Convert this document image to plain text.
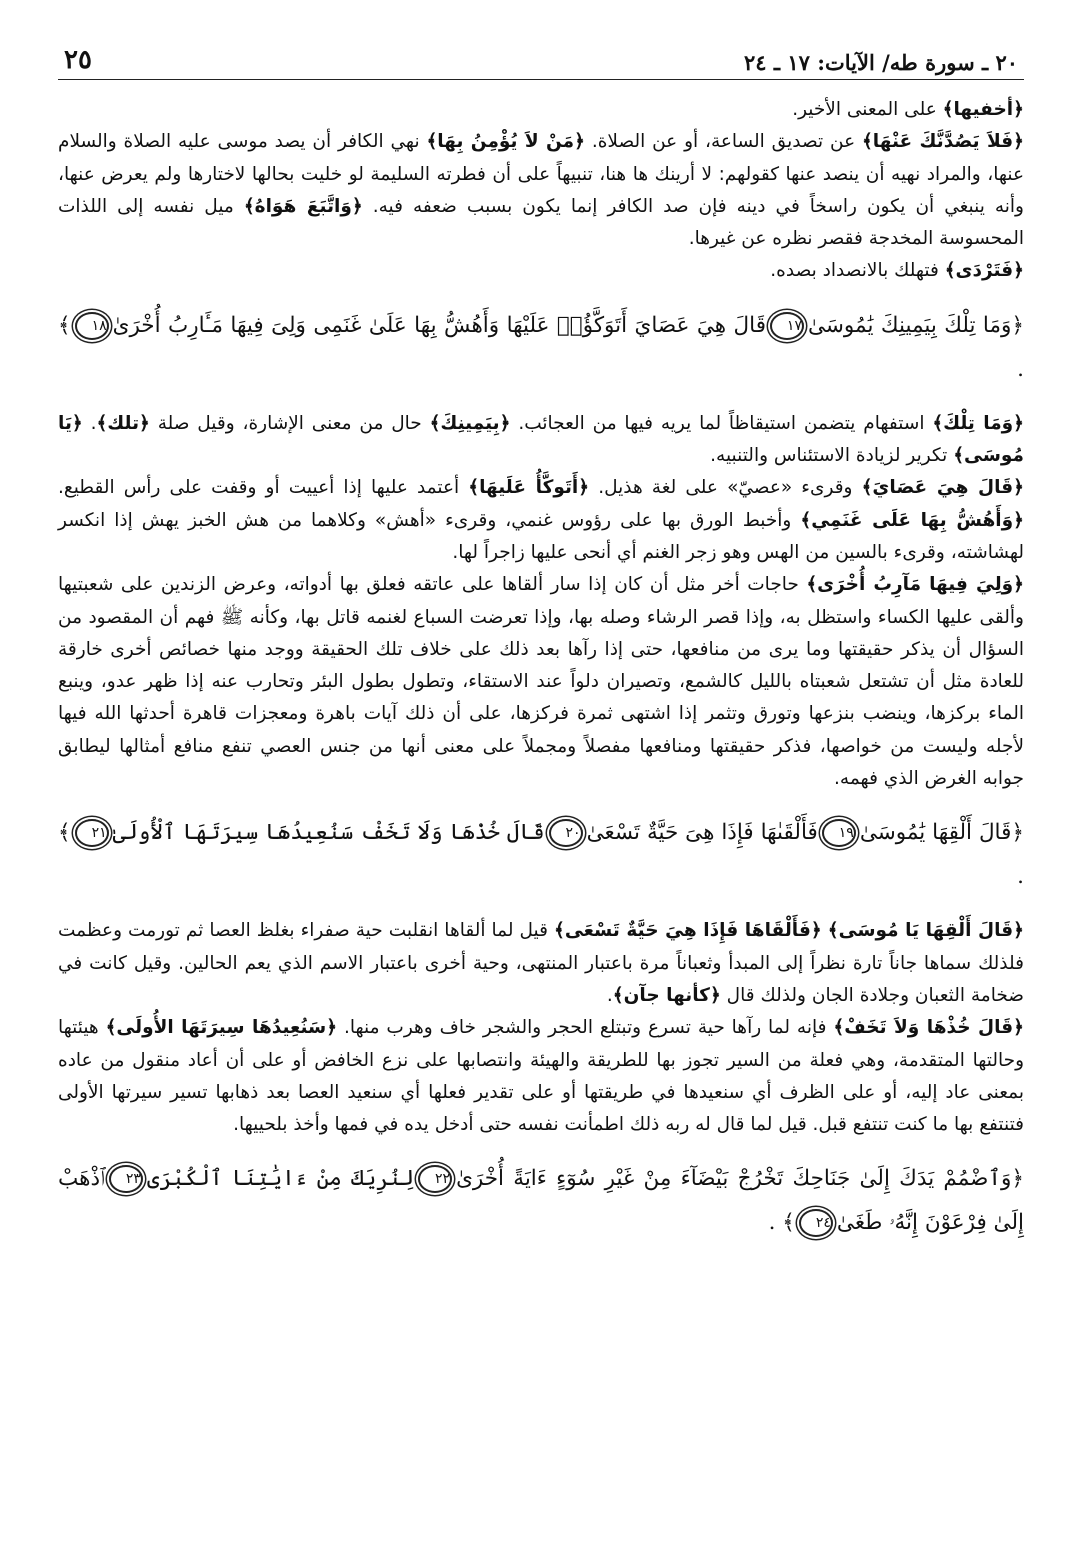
٢٠ ـ سورة طه/ الآيات: ١٧ ـ ٢٤
٢٥

﴿أخفيها﴾ على المعنى الأخير.

﴿فَلاَ يَصُدَّنَّكَ عَنْهَا﴾ عن تصديق الساعة، أو عن الصلاة. ﴿مَنْ لاَ يُؤْمِنُ بِهَا﴾ نهي الكافر أن يصد موسى عليه الصلاة والسلام عنها، والمراد نهيه أن ينصد عنها كقولهم: لا أرينك ها هنا، تنبيهاً على أن فطرته السليمة لو خليت بحالها لاختارها ولم يعرض عنها، وأنه ينبغي أن يكون راسخاً في دينه فإن صد الكافر إنما يكون بسبب ضعفه فيه. ﴿وَاتَّبَعَ هَوَاهُ﴾ ميل نفسه إلى اللذات المحسوسة المخدجة فقصر نظره عن غيرها.

﴿فَتَرْدَى﴾ فتهلك بالانصداد بصده.

﴿وَمَا تِلْكَ بِيَمِينِكَ يَٰمُوسَىٰ١٧قَالَ هِيَ عَصَايَ أَتَوَكَّؤُا۟ عَلَيْهَا وَأَهُشُّ بِهَا عَلَىٰ غَنَمِى وَلِىَ فِيهَا مَـَٔارِبُ أُخْرَىٰ١٨﴾ .

﴿وَمَا تِلْكَ﴾ استفهام يتضمن استيقاظاً لما يريه فيها من العجائب. ﴿بِيَمِينِكَ﴾ حال من معنى الإشارة، وقيل صلة ﴿تلك﴾. ﴿يَا مُوسَى﴾ تكرير لزيادة الاستئناس والتنبيه.

﴿قَالَ هِيَ عَصَايَ﴾ وقرىء «عصيّ» على لغة هذيل. ﴿أَتَوكَّأُ عَلَيهَا﴾ أعتمد عليها إذا أعييت أو وقفت على رأس القطيع. ﴿وَأَهُشُّ بِهَا عَلَى غَنَمِي﴾ وأخبط الورق بها على رؤوس غنمي، وقرىء «أهش» وكلاهما من هش الخبز يهش إذا انكسر لهشاشته، وقرىء بالسين من الهس وهو زجر الغنم أي أنحى عليها زاجراً لها.

﴿وَلِيَ فِيهَا مَآرِبُ أُخْرَى﴾ حاجات أخر مثل أن كان إذا سار ألقاها على عاتقه فعلق بها أدواته، وعرض الزندين على شعبتيها وألقى عليها الكساء واستظل به، وإذا قصر الرشاء وصله بها، وإذا تعرضت السباع لغنمه قاتل بها، وكأنه ﷺ فهم أن المقصود من السؤال أن يذكر حقيقتها وما يرى من منافعها، حتى إذا رآها بعد ذلك على خلاف تلك الحقيقة ووجد منها خصائص أخرى خارقة للعادة مثل أن تشتعل شعبتاه بالليل كالشمع، وتصيران دلواً عند الاستقاء، وتطول بطول البئر وتحارب عنه إذا ظهر عدو، وينبع الماء بركزها، وينضب بنزعها وتورق وتثمر إذا اشتهى ثمرة فركزها، على أن ذلك آيات باهرة ومعجزات قاهرة أحدثها الله فيها لأجله وليست من خواصها، فذكر حقيقتها ومنافعها مفصلاً ومجملاً على معنى أنها من جنس العصي تنفع منافع أمثالها ليطابق جوابه الغرض الذي فهمه.

﴿قَالَ أَلْقِهَا يَٰمُوسَىٰ١٩فَأَلْقَىٰهَا فَإِذَا هِىَ حَيَّةٌ تَسْعَىٰ٢٠قَالَ خُذْهَا وَلَا تَخَفْ سَنُعِيدُهَا سِيرَتَهَا ٱلْأُولَىٰ٢١﴾ .

﴿قَالَ أَلْقِهَا يَا مُوسَى﴾ ﴿فَأَلْقَاهَا فَإِذَا هِيَ حَيَّةٌ تَسْعَى﴾ قيل لما ألقاها انقلبت حية صفراء بغلظ العصا ثم تورمت وعظمت فلذلك سماها جاناً تارة نظراً إلى المبدأ وثعباناً مرة باعتبار المنتهى، وحية أخرى باعتبار الاسم الذي يعم الحالين. وقيل كانت في ضخامة الثعبان وجلادة الجان ولذلك قال ﴿كأنها جآن﴾.

﴿قَالَ خُذْهَا وَلاَ تَخَفْ﴾ فإنه لما رآها حية تسرع وتبتلع الحجر والشجر خاف وهرب منها. ﴿سَنُعِيدُهَا سِيرَتَهَا الأُولَى﴾ هيئتها وحالتها المتقدمة، وهي فعلة من السير تجوز بها للطريقة والهيئة وانتصابها على نزع الخافض أو على أن أعاد منقول من عاده بمعنى عاد إليه، أو على الظرف أي سنعيدها في طريقتها أو على تقدير فعلها أي سنعيد العصا بعد ذهابها تسير سيرتها الأولى فتنتفع بها ما كنت تنتفع قبل. قيل لما قال له ربه ذلك اطمأنت نفسه حتى أدخل يده في فمها وأخذ بلحييها.

﴿وَٱضْمُمْ يَدَكَ إِلَىٰ جَنَاحِكَ تَخْرُجْ بَيْضَآءَ مِنْ غَيْرِ سُوٓءٍ ءَايَةً أُخْرَىٰ٢٢لِنُرِيَكَ مِنْ ءَايَٰتِنَا ٱلْكُبْرَى٢٣ٱذْهَبْ إِلَىٰ فِرْعَوْنَ إِنَّهُۥ طَغَىٰ٢٤﴾ .
